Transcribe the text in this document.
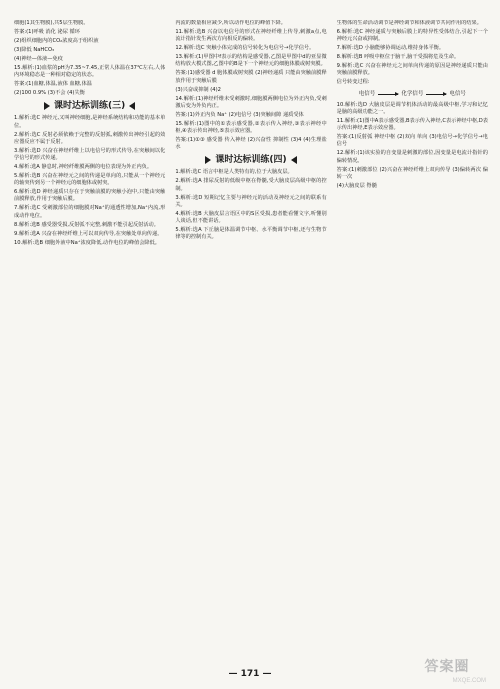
细胞(1其生物膜),共5层生物膜。

答案:(1)呼吸 消化 泌尿 循环

(2)组织细胞内的CO₂浓度高于组织液

(3)降低 NaHCO₃

(4)神经—体液—免疫

15.解析:(1)血浆的pH为7.35~7.45,正常人体温在37℃左右,人体内环境稳态是一种相对稳定的状态。

答案:(1)血糖,体温,液体 血糖,体温

(2)100 0.9% (3)不会 (4)失衡

课时达标训练(三)

1.解析:选C 神经元,又叫神经细胞,是神经系统结构和功能的基本单位。

2.解析:选C 反射必须依赖于完整的反射弧,刺激传出神经引起的效应器反应不属于反射。

3.解析:选D 兴奋在神经纤维上以电信号的形式传导,在突触间以化学信号的形式传递。

4.解析:选A 静息时,神经纤维膜两侧的电位表现为外正内负。

5.解析:选B 兴奋在神经元之间的传递是单向的,只能从一个神经元的轴突传到另一个神经元的细胞体或树突。

6.解析:选D 神经递质只存在于突触前膜的突触小泡中,只能由突触前膜释放,作用于突触后膜。

7.解析:选C 受刺激部位的细胞膜对Na⁺的通透性增加,Na⁺内流,形成动作电位。

8.解析:选B 感受器受损,反射弧不完整,刺激不能引起反射活动。

9.解析:选A 兴奋在神经纤维上可以双向传导,在突触处单向传递。

10.解析:选B 细胞外液中Na⁺浓度降低,动作电位的峰值会降低。

内流的数量相应减少,所以动作电位的峰值下降。

11.解析:选B 兴奋以电信号的形式在神经纤维上传导,刺激a点,电流计指针发生两次方向相反的偏转。

12.解析:选C 突触小体完成的信号转化为电信号→化学信号。

13.解析:(1)甲图中f表示的结构是感受器,乙图是甲图中d的亚显微结构放大模式图,乙图中的B是下一个神经元的细胞体膜或树突膜。

答案:(1)感受器 d 胞体膜或树突膜 (2)神经递质 只能由突触前膜释放作用于突触后膜

(3)兴奋或抑制 (4)2

14.解析:(1)神经纤维未受刺激时,细胞膜两侧电位为外正内负,受刺激后变为外负内正。

答案:(1)外正内负 Na⁺ (2)电信号 (3)突触间隙 递质受体

15.解析:(1)图中的①表示感受器,②表示传入神经,③表示神经中枢,④表示传出神经,⑤表示效应器。

答案:(1)①③ 感受器 传入神经 (2)兴奋性 抑制性 (3)4 (4)生理盐水

课时达标训练(四)

1.解析:选C 语言中枢是人类特有的,位于大脑皮层。

2.解析:选A 排尿反射的低级中枢在脊髓,受大脑皮层高级中枢的控制。

3.解析:选D 短期记忆主要与神经元的活动及神经元之间的联系有关。

4.解析:选B 大脑皮层言语区中的S区受损,患者能看懂文字,听懂别人谈话,但不能讲话。

5.解析:选A 下丘脑是体温调节中枢、水平衡调节中枢,还与生物节律等的控制有关。

生物体的生命活动调节是神经调节和体液调节共同作用的结果。

6.解析:选C 神经递质与突触后膜上的特异性受体结合,引起下一个神经元兴奋或抑制。

7.解析:选D 小脑能够协调运动,维持身体平衡。

8.解析:选B 呼吸中枢位于脑干,脑干受损将危及生命。

9.解析:选C 兴奋在神经元之间单向传递的原因是神经递质只能由突触前膜释放。

信号转变过程:

电信号	化学信号	电信号

10.解析:选D 大脑皮层是调节机体活动的最高级中枢,学习和记忆是脑的高级功能之一。

11.解析:(1)图中A表示感受器,B表示传入神经,C表示神经中枢,D表示传出神经,E表示效应器。

答案:(1)反射弧 神经中枢 (2)双向 单向 (3)电信号→化学信号→电信号

12.解析:(1)该实验的自变量是刺激的部位,因变量是电流计指针的偏转情况。

答案:(1)刺激部位 (2)兴奋在神经纤维上双向传导 (3)偏转两次 偏转一次

(4)大脑皮层 脊髓

— 171 —	答案圈
MXQE.COM
